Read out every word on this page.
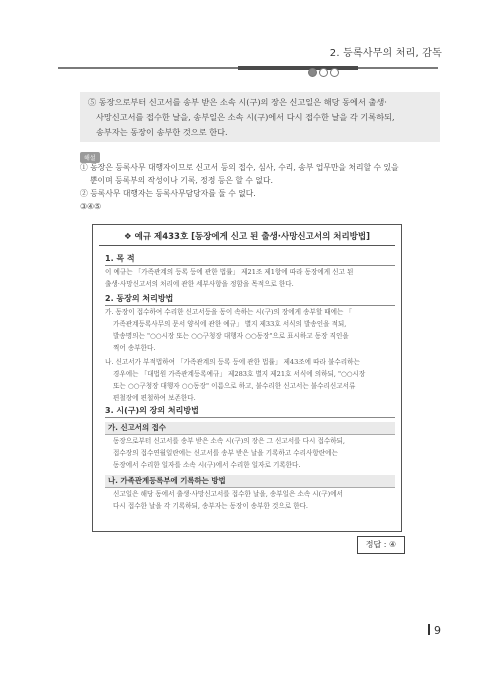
2. 등록사무의 처리, 감독

⑤ 동장으로부터 신고서를 송부 받은 소속 시(구)의 장은 신고일은 해당 동에서 출생·

사망신고서를 접수한 날을, 송부일은 소속 시(구)에서 다시 접수한 날을 각 기록하되,

송부자는 동장이 송부한 것으로 한다.

해설

① 동장은 등록사무 대행자이므로 신고서 등의 접수, 심사, 수리, 송부 업무만을 처리할 수 있을

뿐이며 등록부의 작성이나 기록, 정정 등은 할 수 없다.

② 등록사무 대행자는 등록사무담당자를 둘 수 없다.

③④⑤

❖ 예규 제433호 [동장에게 신고 된 출생·사망신고서의 처리방법]
1. 목 적

이 예규는 「가족관계의 등록 등에 관한 법률」 제21조 제1항에 따라 동장에게 신고 된

출생·사망신고서의 처리에 관한 세부사항을 정함을 목적으로 한다.

2. 동장의 처리방법

가. 동장이 접수하여 수리한 신고서등을 동이 속하는 시(구)의 장에게 송부할 때에는 「

가족관계등록사무의 문서 양식에 관한 예규」 별지 제33호 서식의 발송인을 적되,

발송명의는 "○○시장 또는 ○○구청장 대행자 ○○동장"으로 표시하고 동장 직인을

찍어 송부한다.

나. 신고서가 부적법하여 「가족관계의 등록 등에 관한 법률」 제43조에 따라 불수리하는

경우에는 「대법원 가족관계등록예규」 제283호 별지 제21호 서식에 의하되, "○○시장

또는 ○○구청장 대행자 ○○동장" 이름으로 하고, 불수리한 신고서는 불수리신고서류

편철장에 편철하여 보존한다.

3. 시(구)의 장의 처리방법
가. 신고서의 접수

동장으로부터 신고서를 송부 받은 소속 시(구)의 장은 그 신고서를 다시 접수하되,

접수장의 접수연월일란에는 신고서를 송부 받은 날을 기록하고 수리사항란에는

동장에서 수리한 일자를 소속 시(구)에서 수리한 일자로 기록한다.

나. 가족관계등록부에 기록하는 방법

신고일은 해당 동에서 출생·사망신고서를 접수한 날을, 송부일은 소속 시(구)에서

다시 접수한 날을 각 기록하되, 송부자는 동장이 송부한 것으로 한다.

정답 : ④
9
